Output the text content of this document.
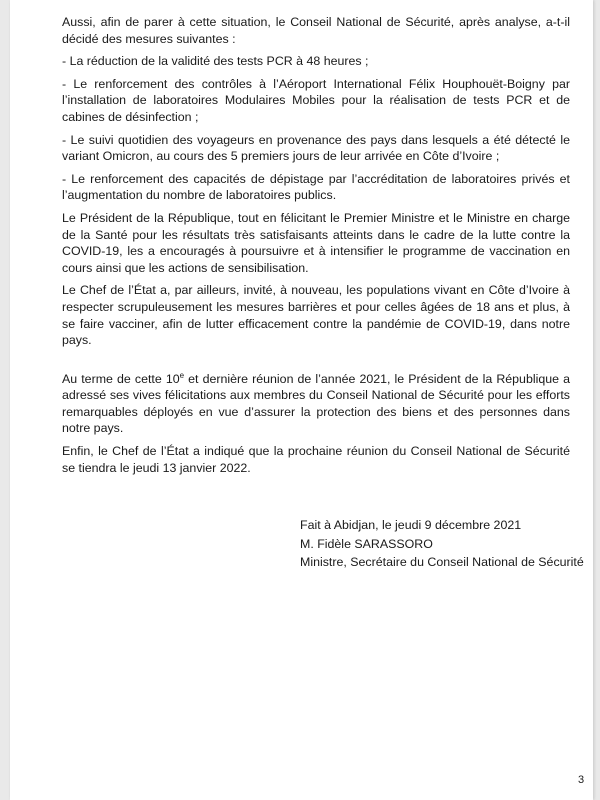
Aussi, afin de parer à cette situation, le Conseil National de Sécurité, après analyse, a-t-il décidé des mesures suivantes :

- La réduction de la validité des tests PCR à 48 heures ;

- Le renforcement des contrôles à l’Aéroport International Félix Houphouët-Boigny par l’installation de laboratoires Modulaires Mobiles pour la réalisation de tests PCR et de cabines de désinfection ;

- Le suivi quotidien des voyageurs en provenance des pays dans lesquels a été détecté le variant Omicron, au cours des 5 premiers jours de leur arrivée en Côte d’Ivoire ;

- Le renforcement des capacités de dépistage par l’accréditation de laboratoires privés et l’augmentation du nombre de laboratoires publics.

Le Président de la République, tout en félicitant le Premier Ministre et le Ministre en charge de la Santé pour les résultats très satisfaisants atteints dans le cadre de la lutte contre la COVID-19, les a encouragés à poursuivre et à intensifier le programme de vaccination en cours ainsi que les actions de sensibilisation.

Le Chef de l’État a, par ailleurs, invité, à nouveau, les populations vivant en Côte d’Ivoire à respecter scrupuleusement les mesures barrières et pour celles âgées de 18 ans et plus, à se faire vacciner, afin de lutter efficacement contre la pandémie de COVID-19, dans notre pays.

Au terme de cette 10e et dernière réunion de l’année 2021, le Président de la République a adressé ses vives félicitations aux membres du Conseil National de Sécurité pour les efforts remarquables déployés en vue d’assurer la protection des biens et des personnes dans notre pays.

Enfin, le Chef de l’État a indiqué que la prochaine réunion du Conseil National de Sécurité se tiendra le jeudi 13 janvier 2022.

Fait à Abidjan, le jeudi 9 décembre 2021
M. Fidèle SARASSORO
Ministre, Secrétaire du Conseil National de Sécurité
3
